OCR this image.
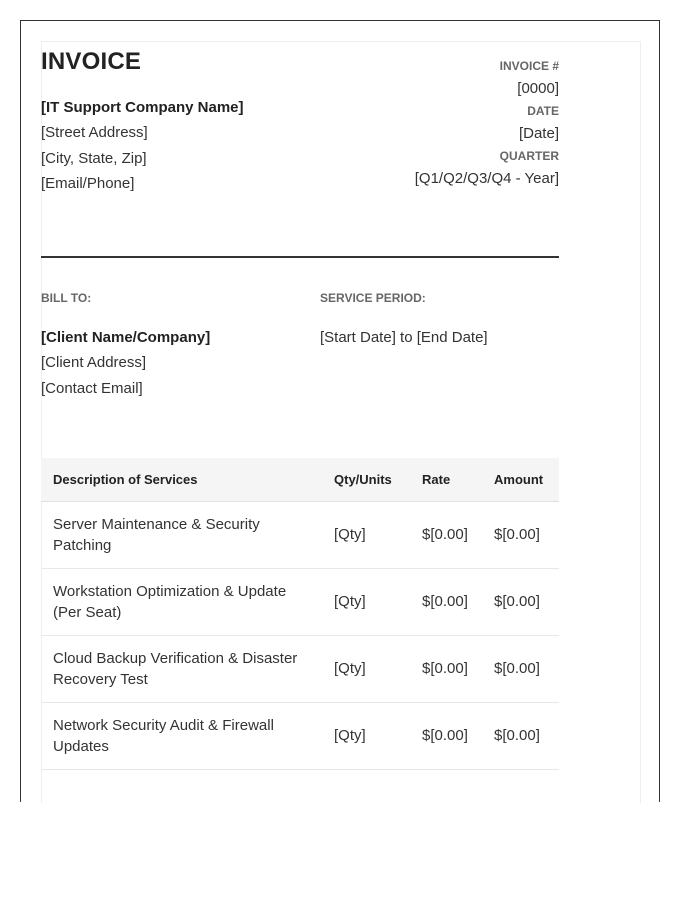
INVOICE
[IT Support Company Name]
[Street Address]
[City, State, Zip]
[Email/Phone]
INVOICE #
[0000]
DATE
[Date]
QUARTER
[Q1/Q2/Q3/Q4 - Year]
BILL TO:
[Client Name/Company]
[Client Address]
[Contact Email]
SERVICE PERIOD:
[Start Date] to [End Date]
Description of Services	Qty/Units	Rate	Amount
Server Maintenance & Security Patching	[Qty]	$[0.00]	$[0.00]
Workstation Optimization & Update (Per Seat)	[Qty]	$[0.00]	$[0.00]
Cloud Backup Verification & Disaster Recovery Test	[Qty]	$[0.00]	$[0.00]
Network Security Audit & Firewall Updates	[Qty]	$[0.00]	$[0.00]
